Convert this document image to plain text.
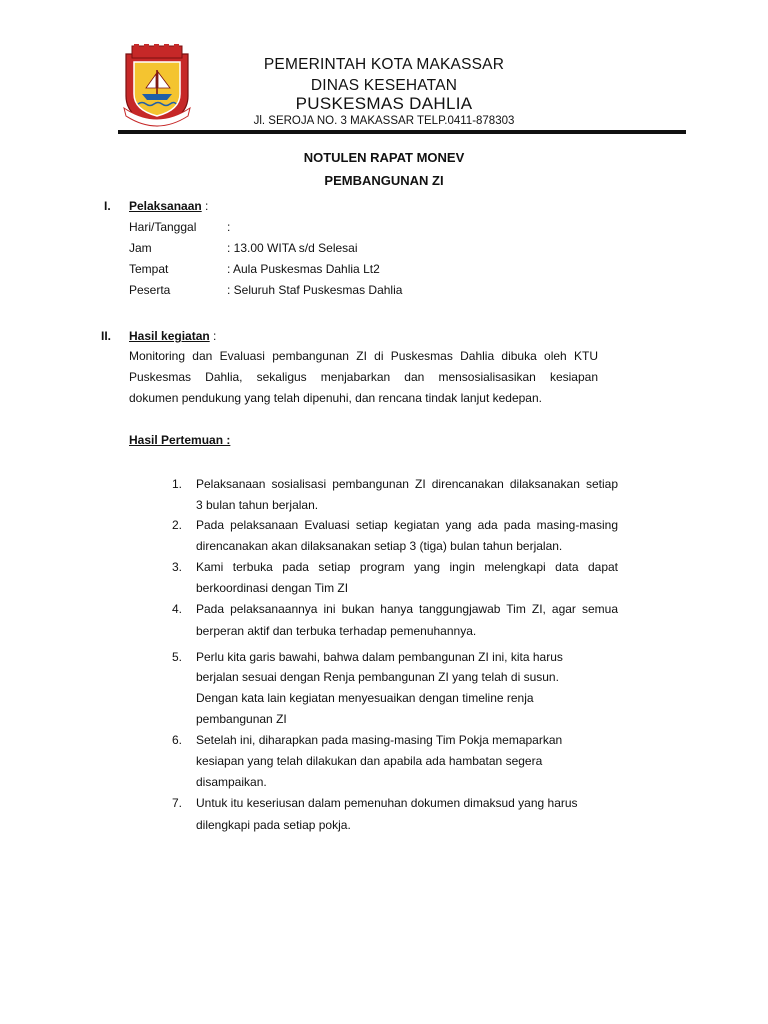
PEMERINTAH KOTA MAKASSAR
DINAS KESEHATAN
PUSKESMAS DAHLIA
Jl. SEROJA NO. 3 MAKASSAR TELP.0411-878303
NOTULEN RAPAT MONEV
PEMBANGUNAN ZI
I. Pelaksanaan :
Hari/Tanggal	:
Jam	: 13.00 WITA s/d Selesai
Tempat	: Aula Puskesmas Dahlia Lt2
Peserta	: Seluruh Staf Puskesmas Dahlia
II. Hasil kegiatan :
Monitoring dan Evaluasi pembangunan ZI di Puskesmas Dahlia dibuka oleh KTU
Puskesmas Dahlia, sekaligus menjabarkan dan mensosialisasikan kesiapan
dokumen pendukung yang telah dipenuhi, dan rencana tindak lanjut kedepan.
Hasil Pertemuan :
1. Pelaksanaan sosialisasi pembangunan ZI direncanakan dilaksanakan setiap
3 bulan tahun berjalan.
2. Pada pelaksanaan Evaluasi setiap kegiatan yang ada pada masing-masing
direncanakan akan dilaksanakan setiap 3 (tiga) bulan tahun berjalan.
3. Kami terbuka pada setiap program yang ingin melengkapi data dapat
berkoordinasi dengan Tim ZI
4. Pada pelaksanaannya ini bukan hanya tanggungjawab Tim ZI, agar semua
berperan aktif dan terbuka terhadap pemenuhannya.
5. Perlu kita garis bawahi, bahwa dalam pembangunan ZI ini, kita harus
berjalan sesuai dengan Renja pembangunan ZI yang telah di susun.
Dengan kata lain kegiatan menyesuaikan dengan timeline renja
pembangunan ZI
6. Setelah ini, diharapkan pada masing-masing Tim Pokja memaparkan
kesiapan yang telah dilakukan dan apabila ada hambatan segera
disampaikan.
7. Untuk itu keseriusan dalam pemenuhan dokumen dimaksud yang harus
dilengkapi pada setiap pokja.
